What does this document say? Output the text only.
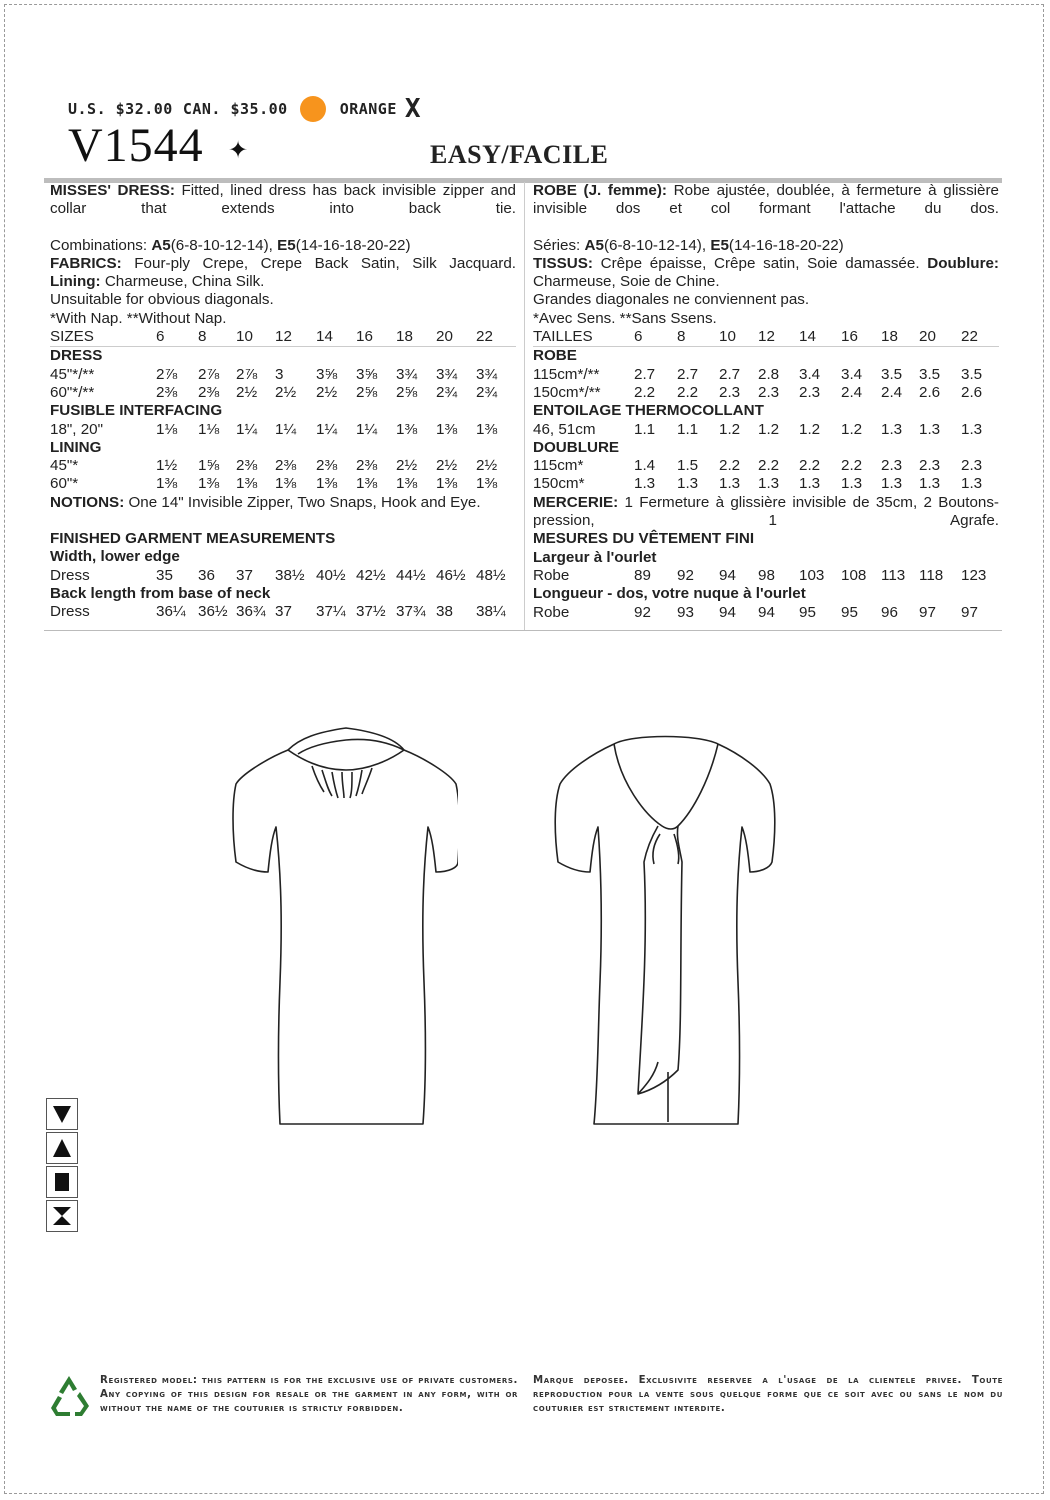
U.S. $32.00 CAN. $35.00	ORANGE X
V1544 ✦	EASY/FACILE

MISSES' DRESS: Fitted, lined dress has back invisible zipper and collar that extends into back tie.

Combinations: A5(6-8-10-12-14), E5(14-16-18-20-22)

FABRICS: Four-ply Crepe, Crepe Back Satin, Silk Jacquard.

Lining: Charmeuse, China Silk.

Unsuitable for obvious diagonals.

*With Nap. **Without Nap.

SIZES	6 8 10 12 14 16 18 20 22
DRESS
45"*/**	2⅞ 2⅞ 2⅞ 3 3⅝ 3⅝ 3¾ 3¾ 3¾
60"*/**	2⅜ 2⅜ 2½ 2½ 2½ 2⅝ 2⅝ 2¾ 2¾
FUSIBLE INTERFACING
18", 20"	1⅛ 1⅛ 1¼ 1¼ 1¼ 1¼ 1⅜ 1⅜ 1⅜
LINING
45"*	1½ 1⅝ 2⅜ 2⅜ 2⅜ 2⅜ 2½ 2½ 2½
60"*	1⅜ 1⅜ 1⅜ 1⅜ 1⅜ 1⅜ 1⅜ 1⅜ 1⅜

NOTIONS: One 14" Invisible Zipper, Two Snaps, Hook and Eye.

FINISHED GARMENT MEASUREMENTS
Width, lower edge
Dress	35 36 37 38½ 40½ 42½ 44½ 46½ 48½
Back length from base of neck
Dress	36¼ 36½ 36¾ 37 37¼ 37½ 37¾ 38 38¼

ROBE (J. femme): Robe ajustée, doublée, à fermeture à glissière invisible dos et col formant l'attache du dos.

Séries: A5(6-8-10-12-14), E5(14-16-18-20-22)

TISSUS: Crêpe épaisse, Crêpe satin, Soie damassée. Doublure:

Charmeuse, Soie de Chine.

Grandes diagonales ne conviennent pas.

*Avec Sens. **Sans Ssens.

TAILLES	6 8 10 12 14 16 18 20 22
ROBE
115cm*/** 2.7 2.7 2.7 2.8 3.4 3.4 3.5 3.5 3.5
150cm*/** 2.2 2.2 2.3 2.3 2.3 2.4 2.4 2.6 2.6
ENTOILAGE THERMOCOLLANT
46, 51cm	1.1 1.1 1.2 1.2 1.2 1.2 1.3 1.3 1.3
DOUBLURE
115cm*	1.4 1.5 2.2 2.2 2.2 2.2 2.3 2.3 2.3
150cm*	1.3 1.3 1.3 1.3 1.3 1.3 1.3 1.3 1.3

MERCERIE: 1 Fermeture à glissière invisible de 35cm, 2 Boutons-pression, 1 Agrafe.

MESURES DU VÊTEMENT FINI
Largeur à l'ourlet
Robe	89 92 94 98 103 108 113 118 123
Longueur - dos, votre nuque à l'ourlet
Robe	92 93 94 94 95 95 96 97 97
Registered model: this pattern is for the exclusive use of private customers. Any copying of this design for resale or the garment in any form, with or without the name of the couturier is strictly forbidden.
Marque deposee. Exclusivite reservee a l'usage de la clientele privee. Toute reproduction pour la vente sous quelque forme que ce soit avec ou sans le nom du couturier est strictement interdite.
